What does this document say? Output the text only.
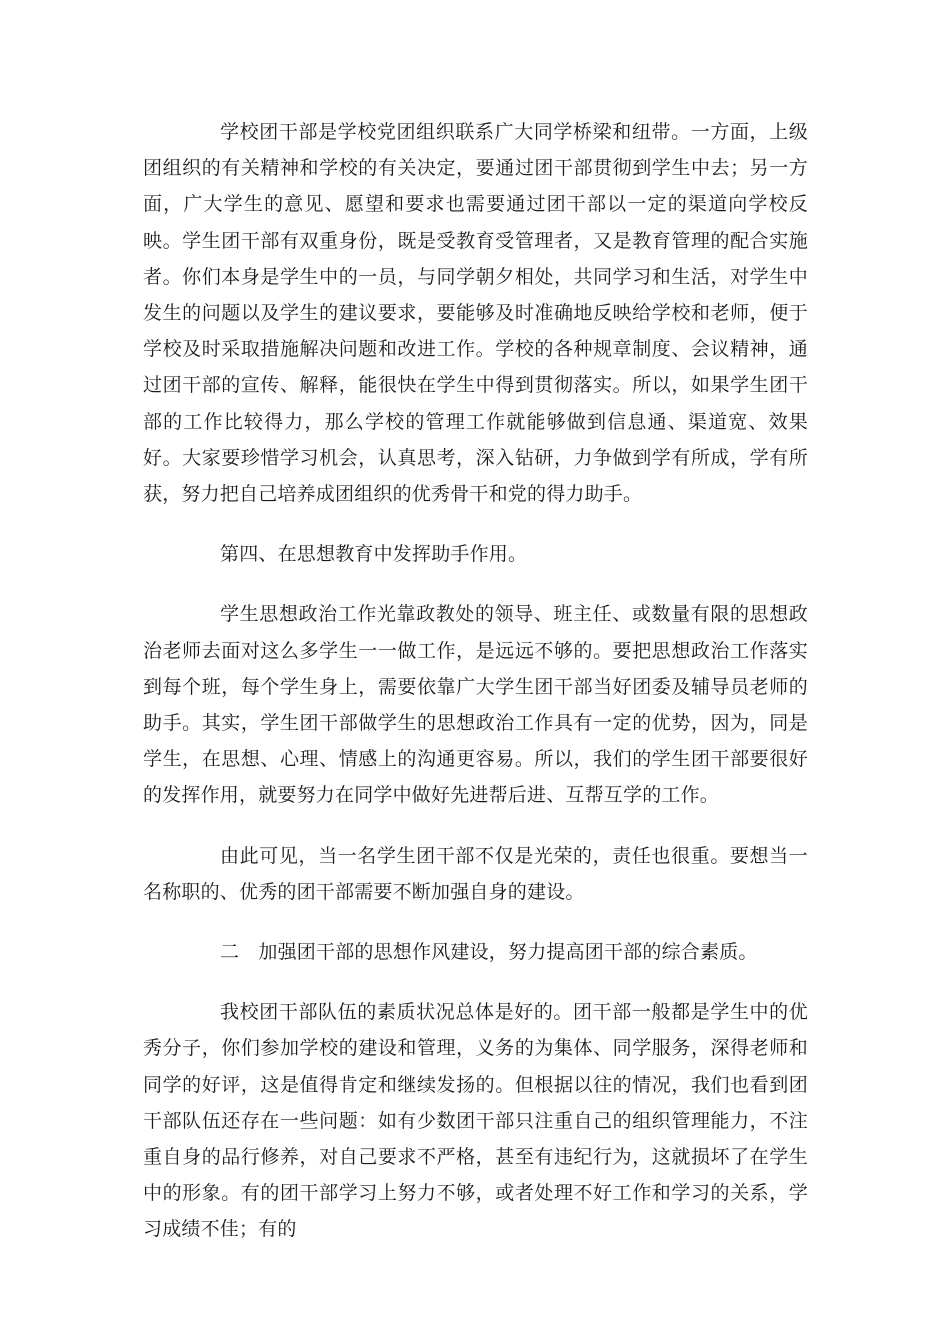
学校团干部是学校党团组织联系广大同学桥梁和纽带。一方面，上级团组织的有关精神和学校的有关决定，要通过团干部贯彻到学生中去；另一方面，广大学生的意见、愿望和要求也需要通过团干部以一定的渠道向学校反映。学生团干部有双重身份，既是受教育受管理者，又是教育管理的配合实施者。你们本身是学生中的一员，与同学朝夕相处，共同学习和生活，对学生中发生的问题以及学生的建议要求，要能够及时准确地反映给学校和老师，便于学校及时采取措施解决问题和改进工作。学校的各种规章制度、会议精神，通过团干部的宣传、解释，能很快在学生中得到贯彻落实。所以，如果学生团干部的工作比较得力，那么学校的管理工作就能够做到信息通、渠道宽、效果好。大家要珍惜学习机会，认真思考，深入钻研，力争做到学有所成，学有所获，努力把自己培养成团组织的优秀骨干和党的得力助手。

第四、在思想教育中发挥助手作用。

学生思想政治工作光靠政教处的领导、班主任、或数量有限的思想政治老师去面对这么多学生一一做工作，是远远不够的。要把思想政治工作落实到每个班，每个学生身上，需要依靠广大学生团干部当好团委及辅导员老师的助手。其实，学生团干部做学生的思想政治工作具有一定的优势，因为，同是学生，在思想、心理、情感上的沟通更容易。所以，我们的学生团干部要很好的发挥作用，就要努力在同学中做好先进帮后进、互帮互学的工作。

由此可见，当一名学生团干部不仅是光荣的，责任也很重。要想当一名称职的、优秀的团干部需要不断加强自身的建设。

二　加强团干部的思想作风建设，努力提高团干部的综合素质。

我校团干部队伍的素质状况总体是好的。团干部一般都是学生中的优秀分子，你们参加学校的建设和管理，义务的为集体、同学服务，深得老师和同学的好评，这是值得肯定和继续发扬的。但根据以往的情况，我们也看到团干部队伍还存在一些问题：如有少数团干部只注重自己的组织管理能力，不注重自身的品行修养，对自己要求不严格，甚至有违纪行为，这就损坏了在学生中的形象。有的团干部学习上努力不够，或者处理不好工作和学习的关系，学习成绩不佳；有的
